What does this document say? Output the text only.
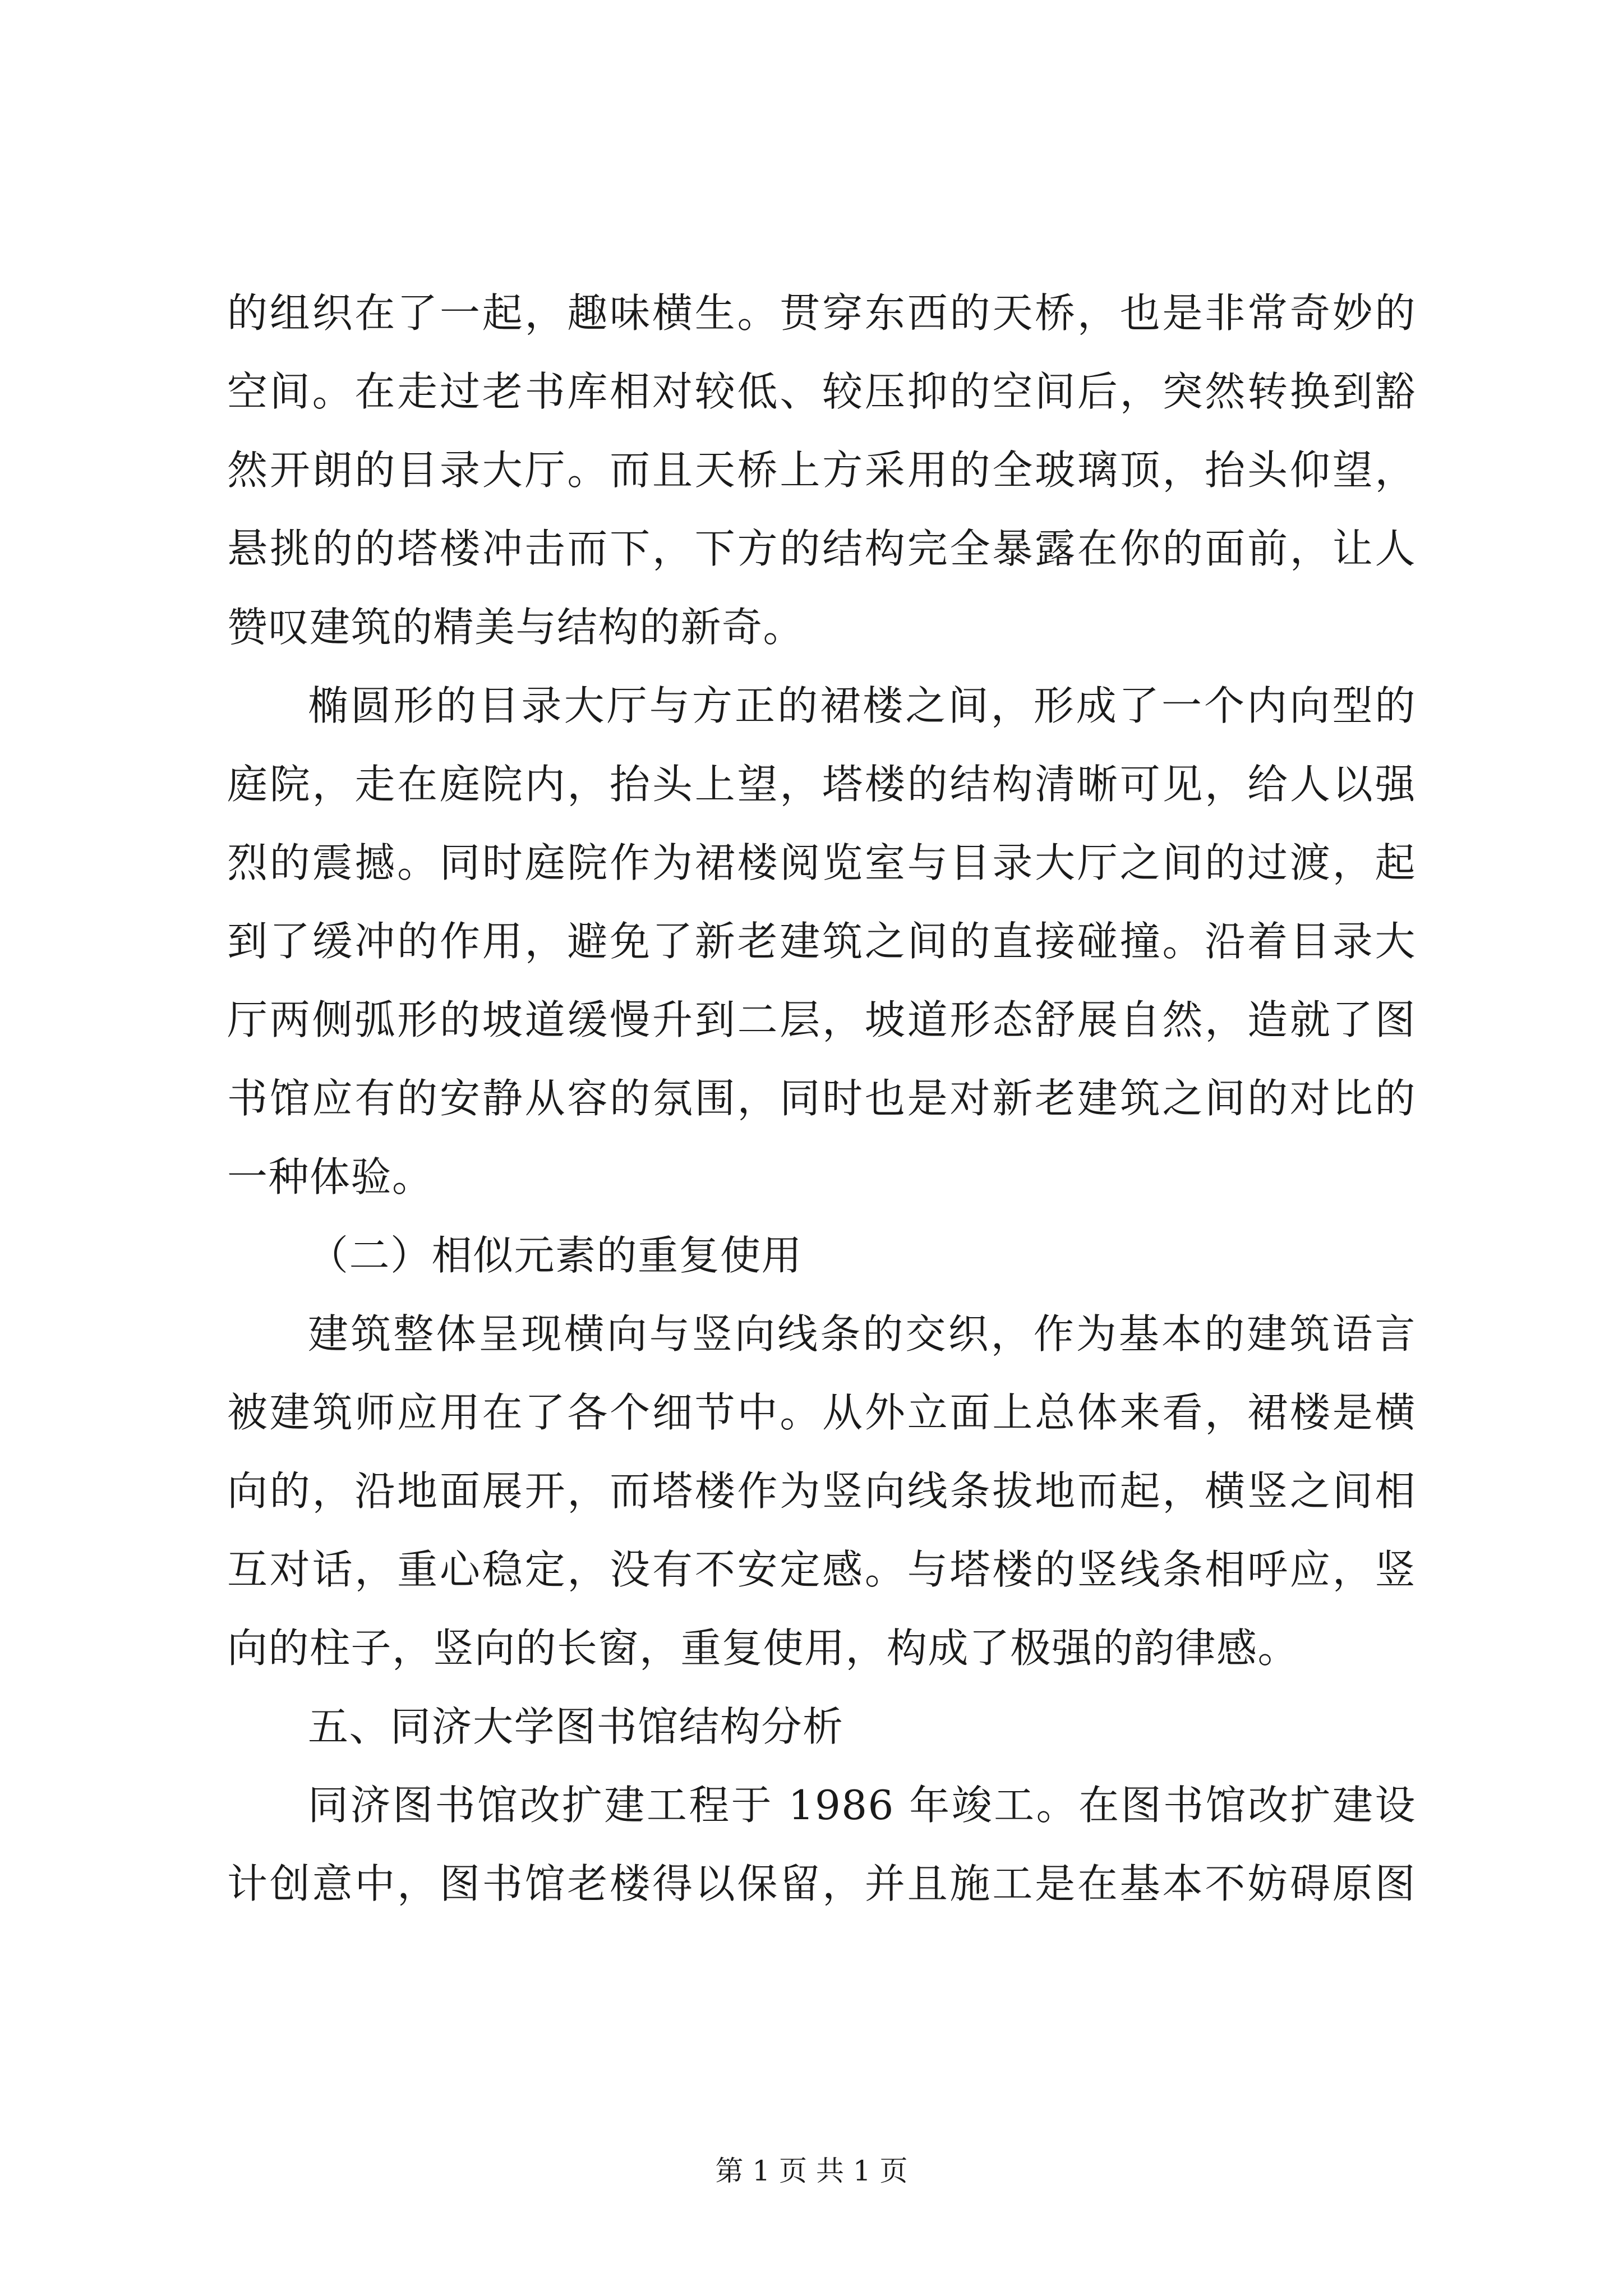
的组织在了一起，趣味横生。贯穿东西的天桥，也是非常奇妙的
空间。在走过老书库相对较低、较压抑的空间后，突然转换到豁
然开朗的目录大厅。而且天桥上方采用的全玻璃顶，抬头仰望，
悬挑的的塔楼冲击而下，下方的结构完全暴露在你的面前，让人
赞叹建筑的精美与结构的新奇。
椭圆形的目录大厅与方正的裙楼之间，形成了一个内向型的
庭院，走在庭院内，抬头上望，塔楼的结构清晰可见，给人以强
烈的震撼。同时庭院作为裙楼阅览室与目录大厅之间的过渡，起
到了缓冲的作用，避免了新老建筑之间的直接碰撞。沿着目录大
厅两侧弧形的坡道缓慢升到二层，坡道形态舒展自然，造就了图
书馆应有的安静从容的氛围，同时也是对新老建筑之间的对比的
一种体验。
（二）相似元素的重复使用
建筑整体呈现横向与竖向线条的交织，作为基本的建筑语言
被建筑师应用在了各个细节中。从外立面上总体来看，裙楼是横
向的，沿地面展开，而塔楼作为竖向线条拔地而起，横竖之间相
互对话，重心稳定，没有不安定感。与塔楼的竖线条相呼应，竖
向的柱子，竖向的长窗，重复使用，构成了极强的韵律感。
五、同济大学图书馆结构分析
同济图书馆改扩建工程于 1986 年竣工。在图书馆改扩建设
计创意中，图书馆老楼得以保留，并且施工是在基本不妨碍原图
第 1 页 共 1 页
